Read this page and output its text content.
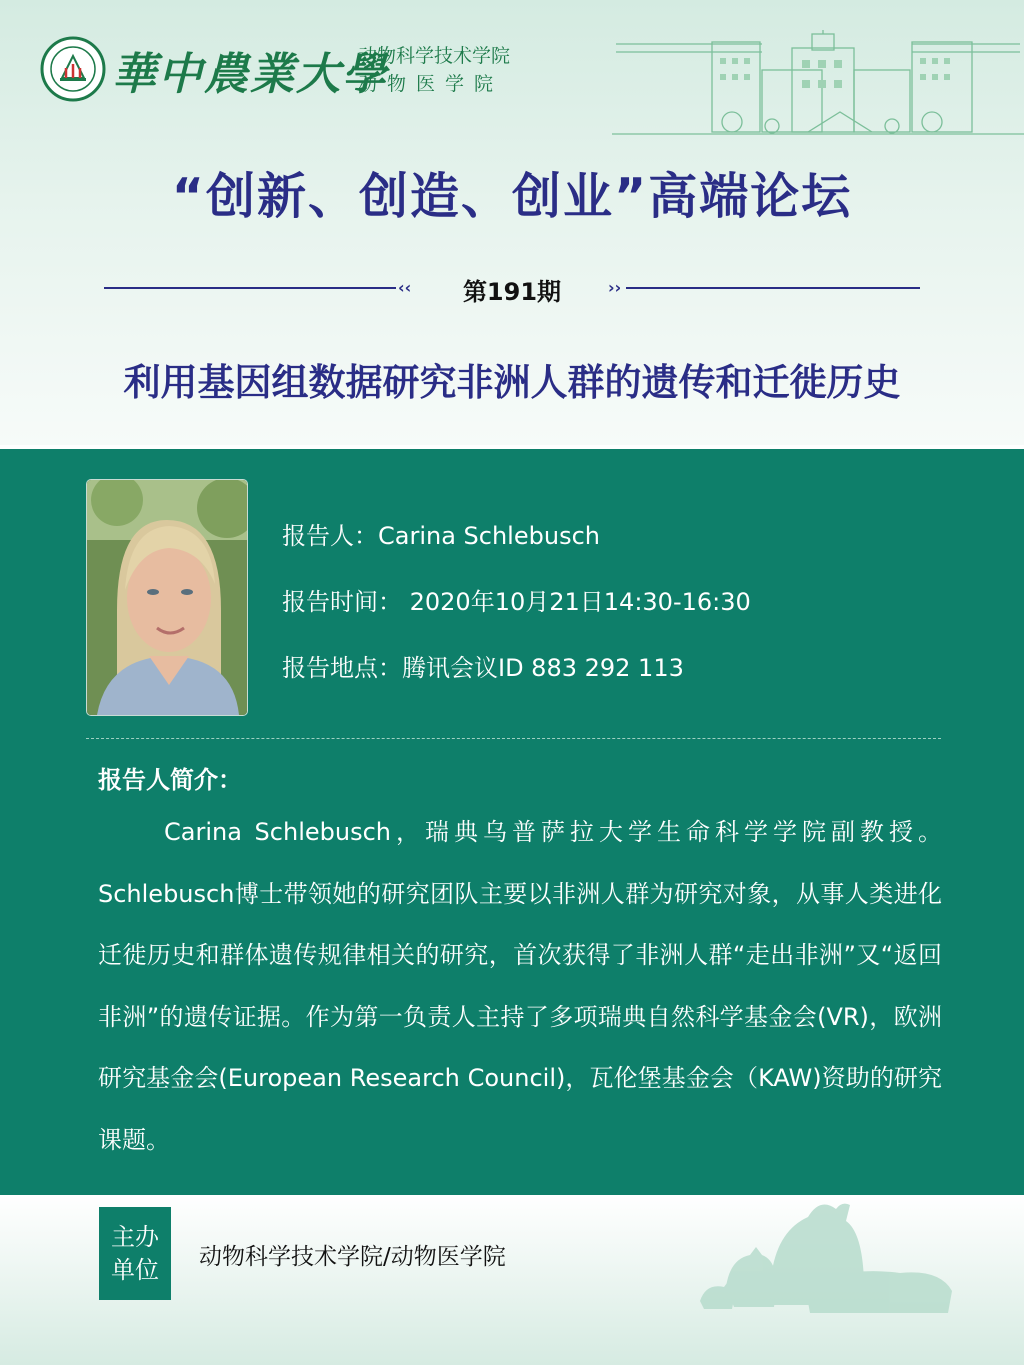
華中農業大學
动物科学技术学院
动物医学院
“创新、创造、创业”高端论坛
‹‹	第191期	››
利用基因组数据研究非洲人群的遗传和迁徙历史
报告人：Carina Schlebusch
报告时间： 2020年10月21日14:30-16:30
报告地点：腾讯会议ID 883 292 113
报告人简介：

Carina Schlebusch，瑞典乌普萨拉大学生命科学学院副教授。Schlebusch博士带领她的研究团队主要以非洲人群为研究对象，从事人类进化迁徙历史和群体遗传规律相关的研究，首次获得了非洲人群“走出非洲”又“返回非洲”的遗传证据。作为第一负责人主持了多项瑞典自然科学基金会(VR)，欧洲研究基金会(European Research Council)，瓦伦堡基金会（KAW)资助的研究课题。

主办
单位 动物科学技术学院/动物医学院
